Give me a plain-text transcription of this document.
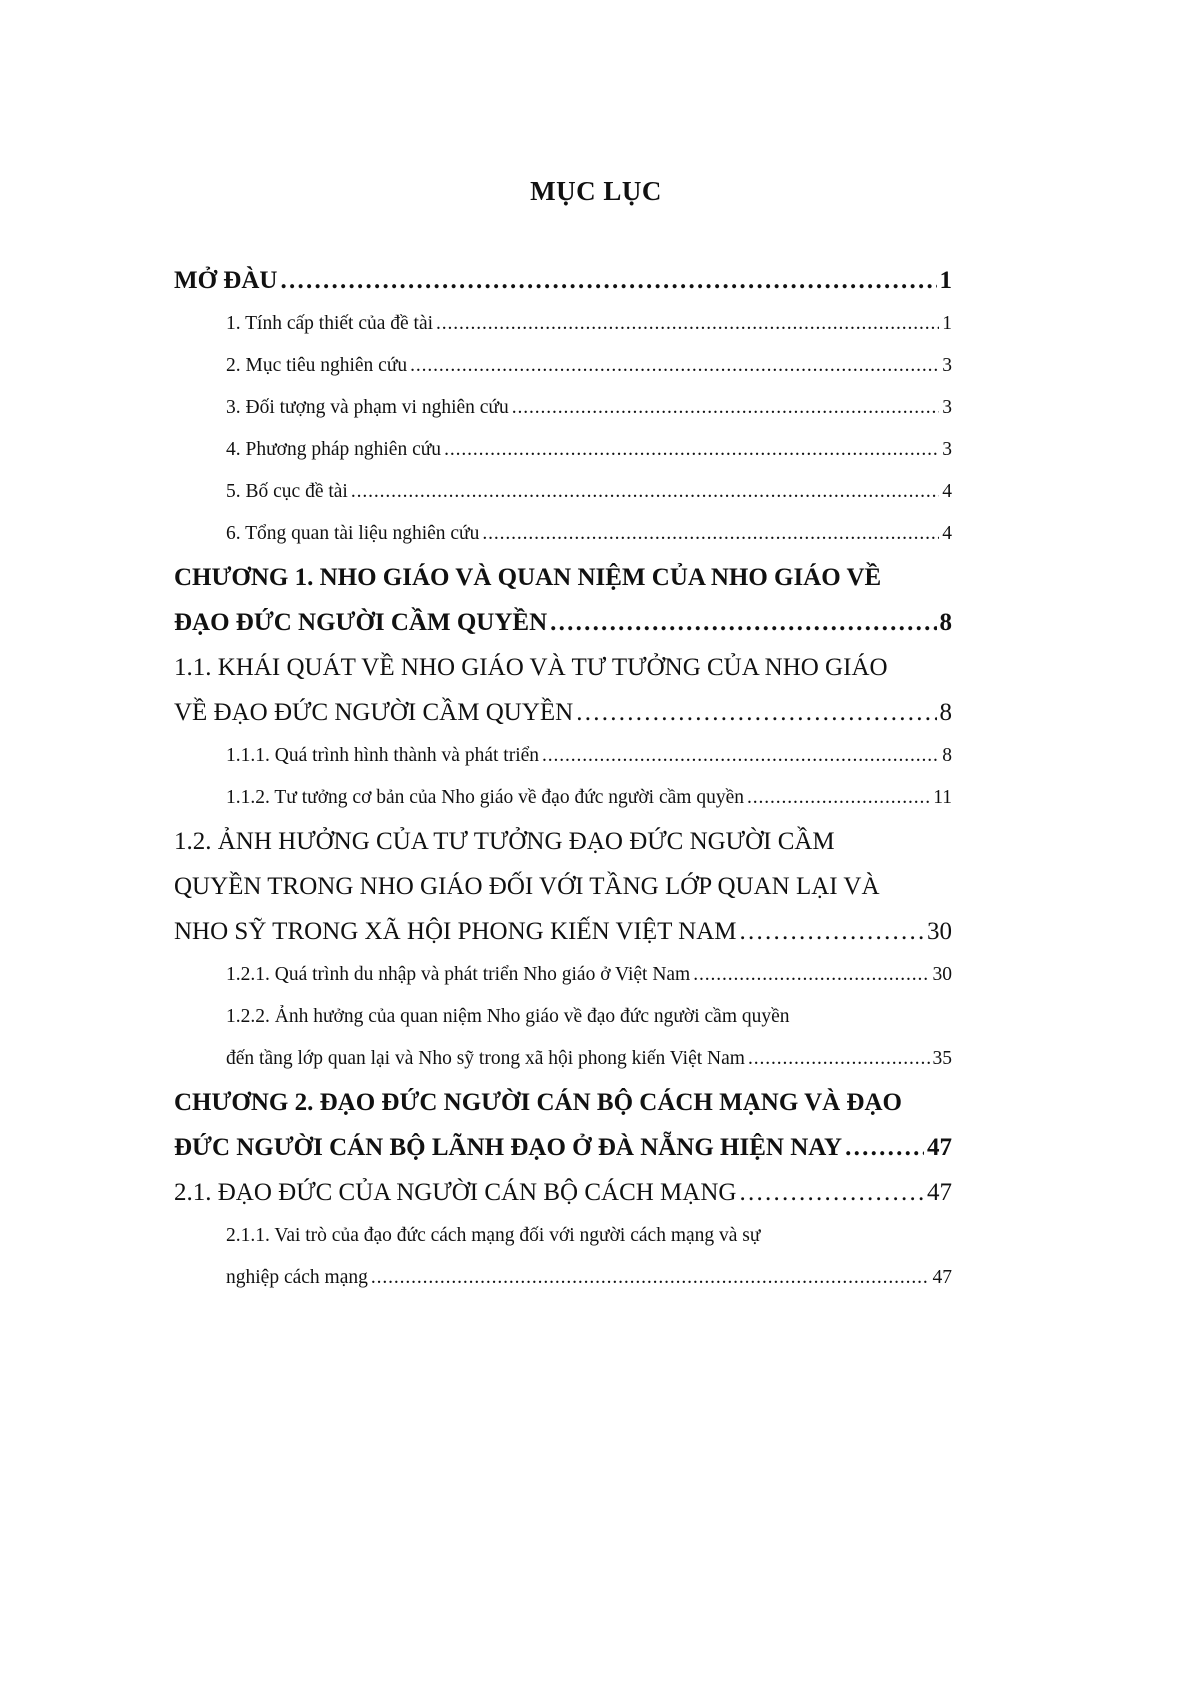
MỤC LỤC
MỞ ĐÀU . . .	1
1. Tính cấp thiết của đề tài . . .	1
2. Mục tiêu nghiên cứu . . .	3
3. Đối tượng và phạm vi nghiên cứu . . .	3
4. Phương pháp nghiên cứu . . .	3
5. Bố cục đề tài . . .	4
6. Tổng quan tài liệu nghiên cứu . . .	4
CHƯƠNG 1. NHO GIÁO VÀ QUAN NIỆM CỦA NHO GIÁO VỀ
ĐẠO ĐỨC NGƯỜI CẦM QUYỀN . . .	8
1.1. KHÁI QUÁT VỀ NHO GIÁO VÀ TƯ TƯỞNG CỦA NHO GIÁO
VỀ ĐẠO ĐỨC NGƯỜI CẦM QUYỀN . . .	8
1.1.1. Quá trình hình thành và phát triển . . .	8
1.1.2. Tư tưởng cơ bản của Nho giáo về đạo đức người cầm quyền . . .	11
1.2. ẢNH HƯỞNG CỦA TƯ TƯỞNG ĐẠO ĐỨC NGƯỜI CẦM
QUYỀN TRONG NHO GIÁO ĐỐI VỚI TẦNG LỚP QUAN LẠI VÀ
NHO SỸ TRONG XÃ HỘI PHONG KIẾN VIỆT NAM . . .	30
1.2.1. Quá trình du nhập và phát triển Nho giáo ở Việt Nam . . .	30
1.2.2. Ảnh hưởng của quan niệm Nho giáo về đạo đức người cầm quyền
đến tầng lớp quan lại và Nho sỹ trong xã hội phong kiến Việt Nam . . .	35
CHƯƠNG 2. ĐẠO ĐỨC NGƯỜI CÁN BỘ CÁCH MẠNG VÀ ĐẠO
ĐỨC NGƯỜI CÁN BỘ LÃNH ĐẠO Ở ĐÀ NẴNG HIỆN NAY . . .	47
2.1. ĐẠO ĐỨC CỦA NGƯỜI CÁN BỘ CÁCH MẠNG . . .	47
2.1.1. Vai trò của đạo đức cách mạng đối với người cách mạng và sự
nghiệp cách mạng . . .	47
